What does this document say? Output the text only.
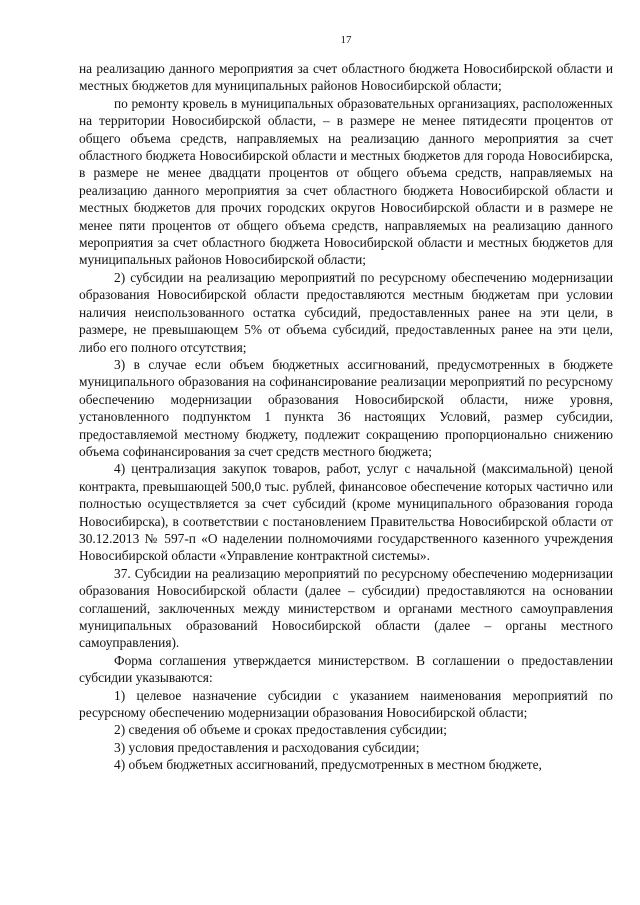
17

на реализацию данного мероприятия за счет областного бюджета Новосибирской области и местных бюджетов для муниципальных районов Новосибирской области;

по ремонту кровель в муниципальных образовательных организациях, расположенных на территории Новосибирской области, – в размере не менее пятидесяти процентов от общего объема средств, направляемых на реализацию данного мероприятия за счет областного бюджета Новосибирской области и местных бюджетов для города Новосибирска, в размере не менее двадцати процентов от общего объема средств, направляемых на реализацию данного мероприятия за счет областного бюджета Новосибирской области и местных бюджетов для прочих городских округов Новосибирской области и в размере не менее пяти процентов от общего объема средств, направляемых на реализацию данного мероприятия за счет областного бюджета Новосибирской области и местных бюджетов для муниципальных районов Новосибирской области;

2) субсидии на реализацию мероприятий по ресурсному обеспечению модернизации образования Новосибирской области предоставляются местным бюджетам при условии наличия неиспользованного остатка субсидий, предоставленных ранее на эти цели, в размере, не превышающем 5% от объема субсидий, предоставленных ранее на эти цели, либо его полного отсутствия;

3) в случае если объем бюджетных ассигнований, предусмотренных в бюджете муниципального образования на софинансирование реализации мероприятий по ресурсному обеспечению модернизации образования Новосибирской области, ниже уровня, установленного подпунктом 1 пункта 36 настоящих Условий, размер субсидии, предоставляемой местному бюджету, подлежит сокращению пропорционально снижению объема софинансирования за счет средств местного бюджета;

4) централизация закупок товаров, работ, услуг с начальной (максимальной) ценой контракта, превышающей 500,0 тыс. рублей, финансовое обеспечение которых частично или полностью осуществляется за счет субсидий (кроме муниципального образования города Новосибирска), в соответствии с постановлением Правительства Новосибирской области от 30.12.2013 № 597-п «О наделении полномочиями государственного казенного учреждения Новосибирской области «Управление контрактной системы».

37. Субсидии на реализацию мероприятий по ресурсному обеспечению модернизации образования Новосибирской области (далее – субсидии) предоставляются на основании соглашений, заключенных между министерством и органами местного самоуправления муниципальных образований Новосибирской области (далее – органы местного самоуправления).

Форма соглашения утверждается министерством. В соглашении о предоставлении субсидии указываются:

1) целевое назначение субсидии с указанием наименования мероприятий по ресурсному обеспечению модернизации образования Новосибирской области;

2) сведения об объеме и сроках предоставления субсидии;

3) условия предоставления и расходования субсидии;

4) объем бюджетных ассигнований, предусмотренных в местном бюджете,
